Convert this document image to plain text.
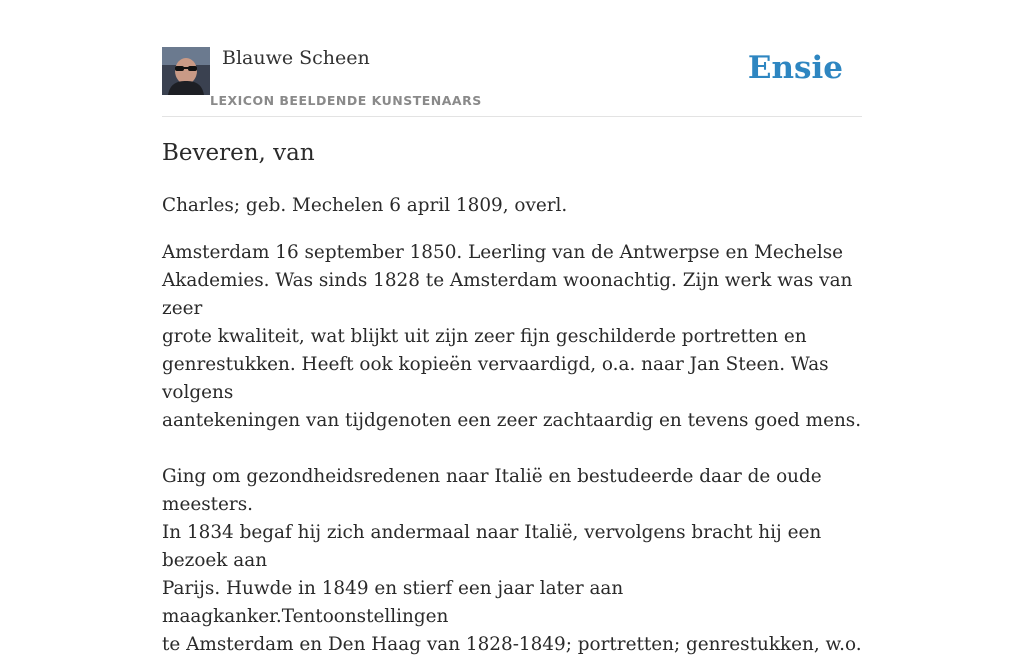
Blauwe Scheen
LEXICON BEELDENDE KUNSTENAARS
Ensie
Beveren, van

Charles; geb. Mechelen 6 april 1809, overl.

Amsterdam 16 september 1850. Leerling van de Antwerpse en Mechelse
Akademies. Was sinds 1828 te Amsterdam woonachtig. Zijn werk was van zeer
grote kwaliteit, wat blijkt uit zijn zeer fijn geschilderde portretten en
genrestukken. Heeft ook kopieën vervaardigd, o.a. naar Jan Steen. Was volgens
aantekeningen van tijdgenoten een zeer zachtaardig en tevens goed mens.

Ging om gezondheidsredenen naar Italië en bestudeerde daar de oude meesters.
In 1834 begaf hij zich andermaal naar Italië, vervolgens bracht hij een bezoek aan
Parijs. Huwde in 1849 en stierf een jaar later aan maagkanker.Tentoonstellingen
te Amsterdam en Den Haag van 1828-1849; portretten; genrestukken, w.o.
